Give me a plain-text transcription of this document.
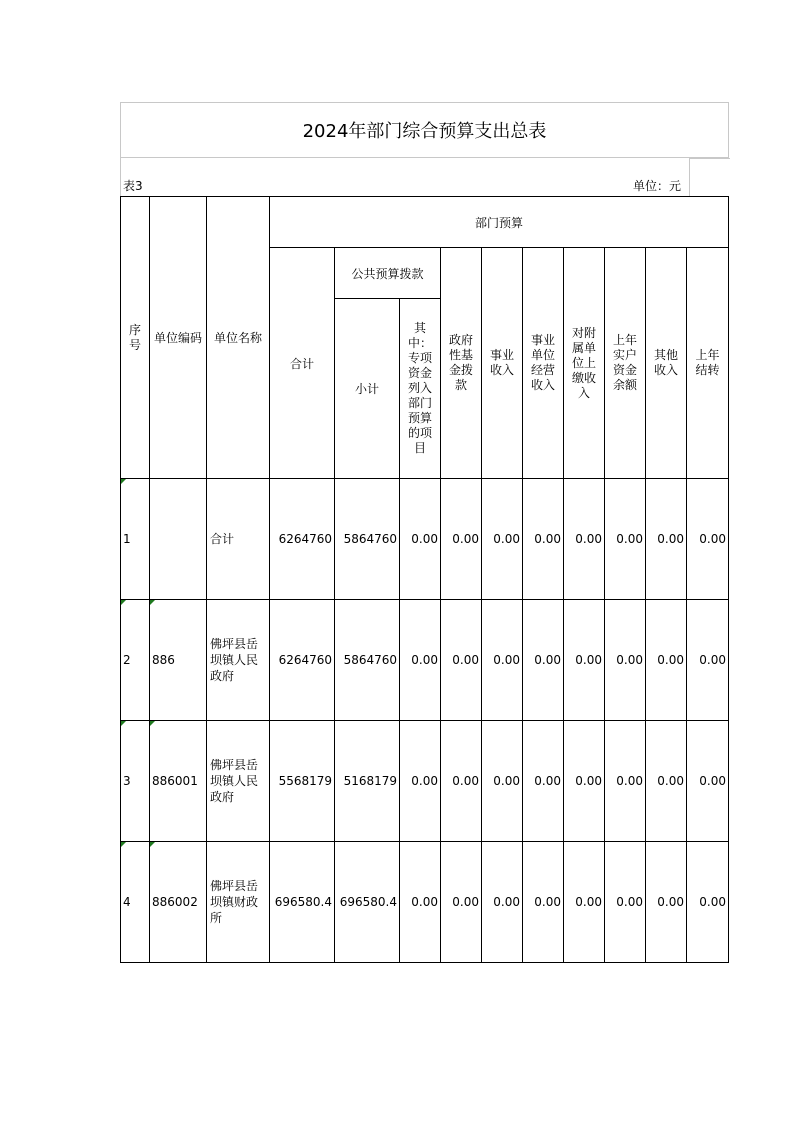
2024年部门综合预算支出总表
表3	单位：元
序号	单位编码	单位名称	部门预算									
			合计	公共预算拨款		政府性基金拨款	事业收入	事业单位经营收入	对附属单位上缴收入	上年实户资金余额	其他收入	上年结转
				小计	其中：专项资金列入部门预算的项目							
1		合计	6264760	5864760	0.00	0.00	0.00	0.00	0.00	0.00	0.00	0.00
2	886	佛坪县岳坝镇人民政府	6264760	5864760	0.00	0.00	0.00	0.00	0.00	0.00	0.00	0.00
3	886001	佛坪县岳坝镇人民政府	5568179	5168179	0.00	0.00	0.00	0.00	0.00	0.00	0.00	0.00
4	886002	佛坪县岳坝镇财政所	696580.4	696580.4	0.00	0.00	0.00	0.00	0.00	0.00	0.00	0.00
